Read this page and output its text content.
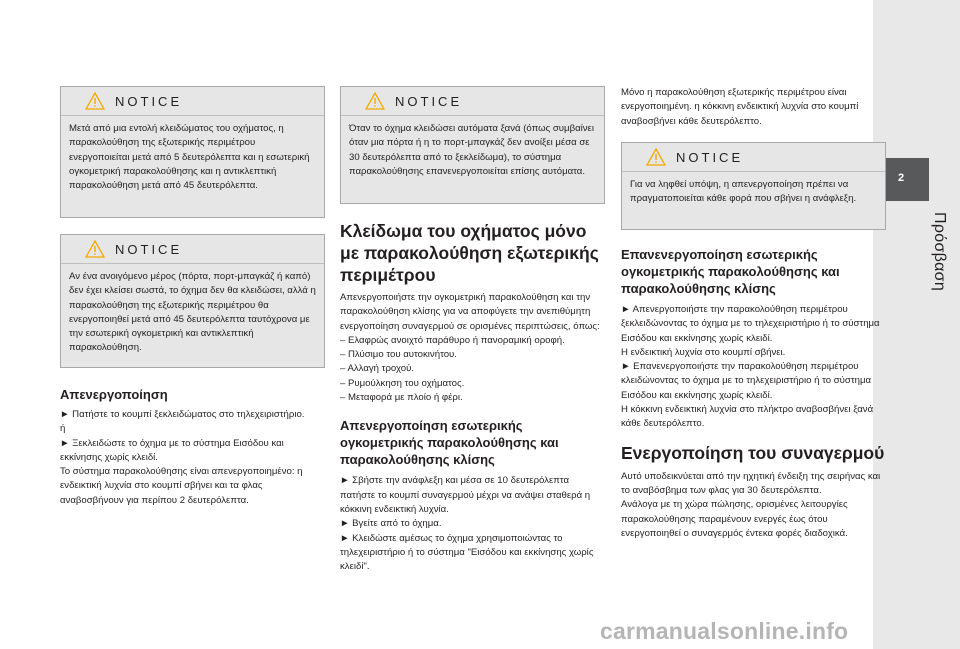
2
Πρόσβαση
NOTICE

Μετά από μια εντολή κλειδώματος του οχήματος, η παρακολούθηση της εξωτερικής περιμέτρου ενεργοποιείται μετά από 5 δευτερόλεπτα και η εσωτερική ογκομετρική παρακολούθησης και η αντικλεπτική παρακολούθηση μετά από 45 δευτερόλεπτα.

NOTICE

Αν ένα ανοιγόμενο μέρος (πόρτα, πορτ-μπαγκάζ ή καπό) δεν έχει κλείσει σωστά, το όχημα δεν θα κλειδώσει, αλλά η παρακολούθηση της εξωτερικής περιμέτρου θα ενεργοποιηθεί μετά από 45 δευτερόλεπτα ταυτόχρονα με την εσωτερική ογκομετρική και αντικλεπτική παρακολούθηση.

Απενεργοποίηση

► Πατήστε το κουμπί ξεκλειδώματος στο τηλεχειριστήριο.

ή

► Ξεκλειδώστε το όχημα με το σύστημα Εισόδου και εκκίνησης χωρίς κλειδί.

Το σύστημα παρακολούθησης είναι απενεργοποιημένο: η ενδεικτική λυχνία στο κουμπί σβήνει και τα φλας αναβοσβήνουν για περίπου 2 δευτερόλεπτα.

NOTICE

Όταν το όχημα κλειδώσει αυτόματα ξανά (όπως συμβαίνει όταν μια πόρτα ή η το πορτ-μπαγκάζ δεν ανοίξει μέσα σε 30 δευτερόλεπτα από το ξεκλείδωμα), το σύστημα παρακολούθησης επανενεργοποιείται επίσης αυτόματα.

Κλείδωμα του οχήματος μόνο με παρακολούθηση εξωτερικής περιμέτρου

Απενεργοποιήστε την ογκομετρική παρακολούθηση και την παρακολούθηση κλίσης για να αποφύγετε την ανεπιθύμητη ενεργοποίηση συναγερμού σε ορισμένες περιπτώσεις, όπως:

– Ελαφρώς ανοιχτό παράθυρο ή πανοραμική οροφή.

– Πλύσιμο του αυτοκινήτου.

– Αλλαγή τροχού.

– Ρυμούλκηση του οχήματος.

– Μεταφορά με πλοίο ή φέρι.

Απενεργοποίηση εσωτερικής ογκομετρικής παρακολούθησης και παρακολούθησης κλίσης

► Σβήστε την ανάφλεξη και μέσα σε 10 δευτερόλεπτα πατήστε το κουμπί συναγερμού μέχρι να ανάψει σταθερά η κόκκινη ενδεικτική λυχνία.

► Βγείτε από το όχημα.

► Κλειδώστε αμέσως το όχημα χρησιμοποιώντας το τηλεχειριστήριο ή το σύστημα "Εισόδου και εκκίνησης χωρίς κλειδί".

Μόνο η παρακολούθηση εξωτερικής περιμέτρου είναι ενεργοποιημένη. η κόκκινη ενδεικτική λυχνία στο κουμπί αναβοσβήνει κάθε δευτερόλεπτο.

NOTICE

Για να ληφθεί υπόψη, η απενεργοποίηση πρέπει να πραγματοποιείται κάθε φορά που σβήνει η ανάφλεξη.

Επανενεργοποίηση εσωτερικής ογκομετρικής παρακολούθησης και παρακολούθησης κλίσης

► Απενεργοποιήστε την παρακολούθηση περιμέτρου ξεκλειδώνοντας το όχημα με το τηλεχειριστήριο ή το σύστημα Εισόδου και εκκίνησης χωρίς κλειδί.

Η ενδεικτική λυχνία στο κουμπί σβήνει.

► Επανενεργοποιήστε την παρακολούθηση περιμέτρου κλειδώνοντας το όχημα με το τηλεχειριστήριο ή το σύστημα Εισόδου και εκκίνησης χωρίς κλειδί.

Η κόκκινη ενδεικτική λυχνία στο πλήκτρο αναβοσβήνει ξανά κάθε δευτερόλεπτο.

Ενεργοποίηση του συναγερμού

Αυτό υποδεικνύεται από την ηχητική ένδειξη της σειρήνας και το αναβόσβημα των φλας για 30 δευτερόλεπτα.

Ανάλογα με τη χώρα πώλησης, ορισμένες λειτουργίες παρακολούθησης παραμένουν ενεργές έως ότου ενεργοποιηθεί ο συναγερμός έντεκα φορές διαδοχικά.

carmanualsonline.info
